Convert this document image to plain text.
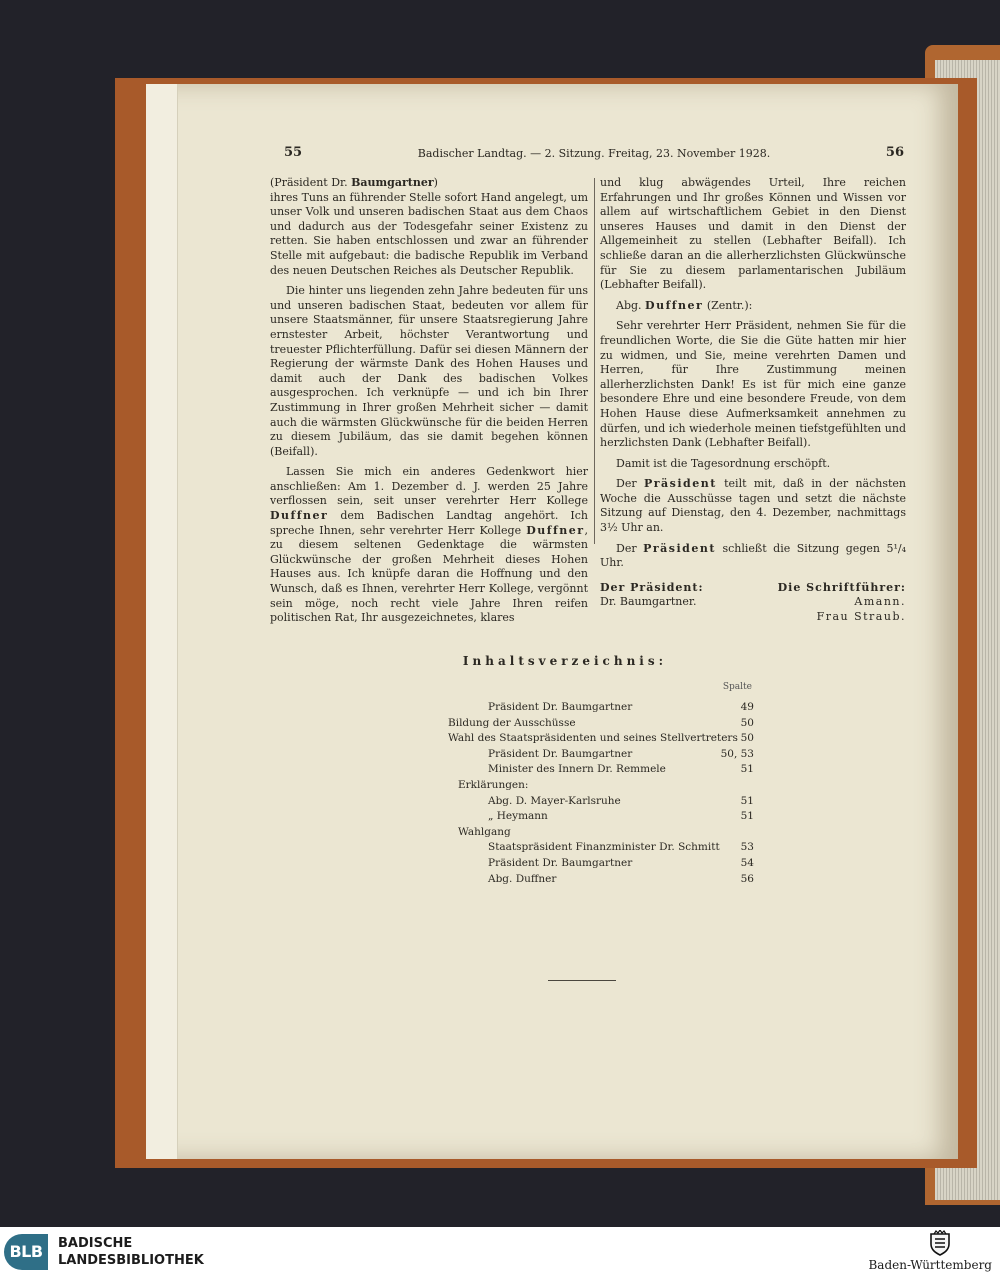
55	Badischer Landtag. — 2. Sitzung. Freitag, 23. November 1928.	56

(Präsident Dr. Baumgartner)

ihres Tuns an führender Stelle sofort Hand angelegt, um unser Volk und unseren badischen Staat aus dem Chaos und dadurch aus der Todesgefahr seiner Existenz zu retten. Sie haben entschlossen und zwar an führender Stelle mit aufgebaut: die badische Republik im Verband des neuen Deutschen Reiches als Deutscher Republik.

Die hinter uns liegenden zehn Jahre bedeuten für uns und unseren badischen Staat, bedeuten vor allem für unsere Staatsmänner, für unsere Staatsregierung Jahre ernstester Arbeit, höchster Verantwortung und treuester Pflichterfüllung. Dafür sei diesen Männern der Regierung der wärmste Dank des Hohen Hauses und damit auch der Dank des badischen Volkes ausgesprochen. Ich verknüpfe — und ich bin Ihrer Zustimmung in Ihrer großen Mehrheit sicher — damit auch die wärmsten Glückwünsche für die beiden Herren zu diesem Jubiläum, das sie damit begehen können (Beifall).

Lassen Sie mich ein anderes Gedenkwort hier anschließen: Am 1. Dezember d. J. werden 25 Jahre verflossen sein, seit unser verehrter Herr Kollege Duffner dem Badischen Landtag angehört. Ich spreche Ihnen, sehr verehrter Herr Kollege Duffner, zu diesem seltenen Gedenktage die wärmsten Glückwünsche der großen Mehrheit dieses Hohen Hauses aus. Ich knüpfe daran die Hoffnung und den Wunsch, daß es Ihnen, verehrter Herr Kollege, vergönnt sein möge, noch recht viele Jahre Ihren reifen politischen Rat, Ihr ausgezeichnetes, klares

und klug abwägendes Urteil, Ihre reichen Erfahrungen und Ihr großes Können und Wissen vor allem auf wirtschaftlichem Gebiet in den Dienst unseres Hauses und damit in den Dienst der Allgemeinheit zu stellen (Lebhafter Beifall). Ich schließe daran an die allerherzlichsten Glückwünsche für Sie zu diesem parlamentarischen Jubiläum (Lebhafter Beifall).

Abg. Duffner (Zentr.):

Sehr verehrter Herr Präsident, nehmen Sie für die freundlichen Worte, die Sie die Güte hatten mir hier zu widmen, und Sie, meine verehrten Damen und Herren, für Ihre Zustimmung meinen allerherzlichsten Dank! Es ist für mich eine ganze besondere Ehre und eine besondere Freude, von dem Hohen Hause diese Aufmerksamkeit annehmen zu dürfen, und ich wiederhole meinen tiefstgefühlten und herzlichsten Dank (Lebhafter Beifall).

Damit ist die Tagesordnung erschöpft.

Der Präsident teilt mit, daß in der nächsten Woche die Ausschüsse tagen und setzt die nächste Sitzung auf Dienstag, den 4. Dezember, nachmittags 3½ Uhr an.

Der Präsident schließt die Sitzung gegen 5¹/₄ Uhr.

Der Präsident:
Dr. Baumgartner.
Die Schriftführer:
Amann.
Frau Straub.
Inhaltsverzeichnis:
Spalte
Präsident Dr. Baumgartner	49
Bildung der Ausschüsse	50
Wahl des Staatspräsidenten und seines Stellvertreters 50
Präsident Dr. Baumgartner	50, 53
Minister des Innern Dr. Remmele	51
Erklärungen:
Abg. D. Mayer-Karlsruhe	51
„ Heymann	51
Wahlgang
Staatspräsident Finanzminister Dr. Schmitt 53
Präsident Dr. Baumgartner	54
Abg. Duffner	56
BLB	BADISCHE
LANDESBIBLIOTHEK	Baden-Württemberg
